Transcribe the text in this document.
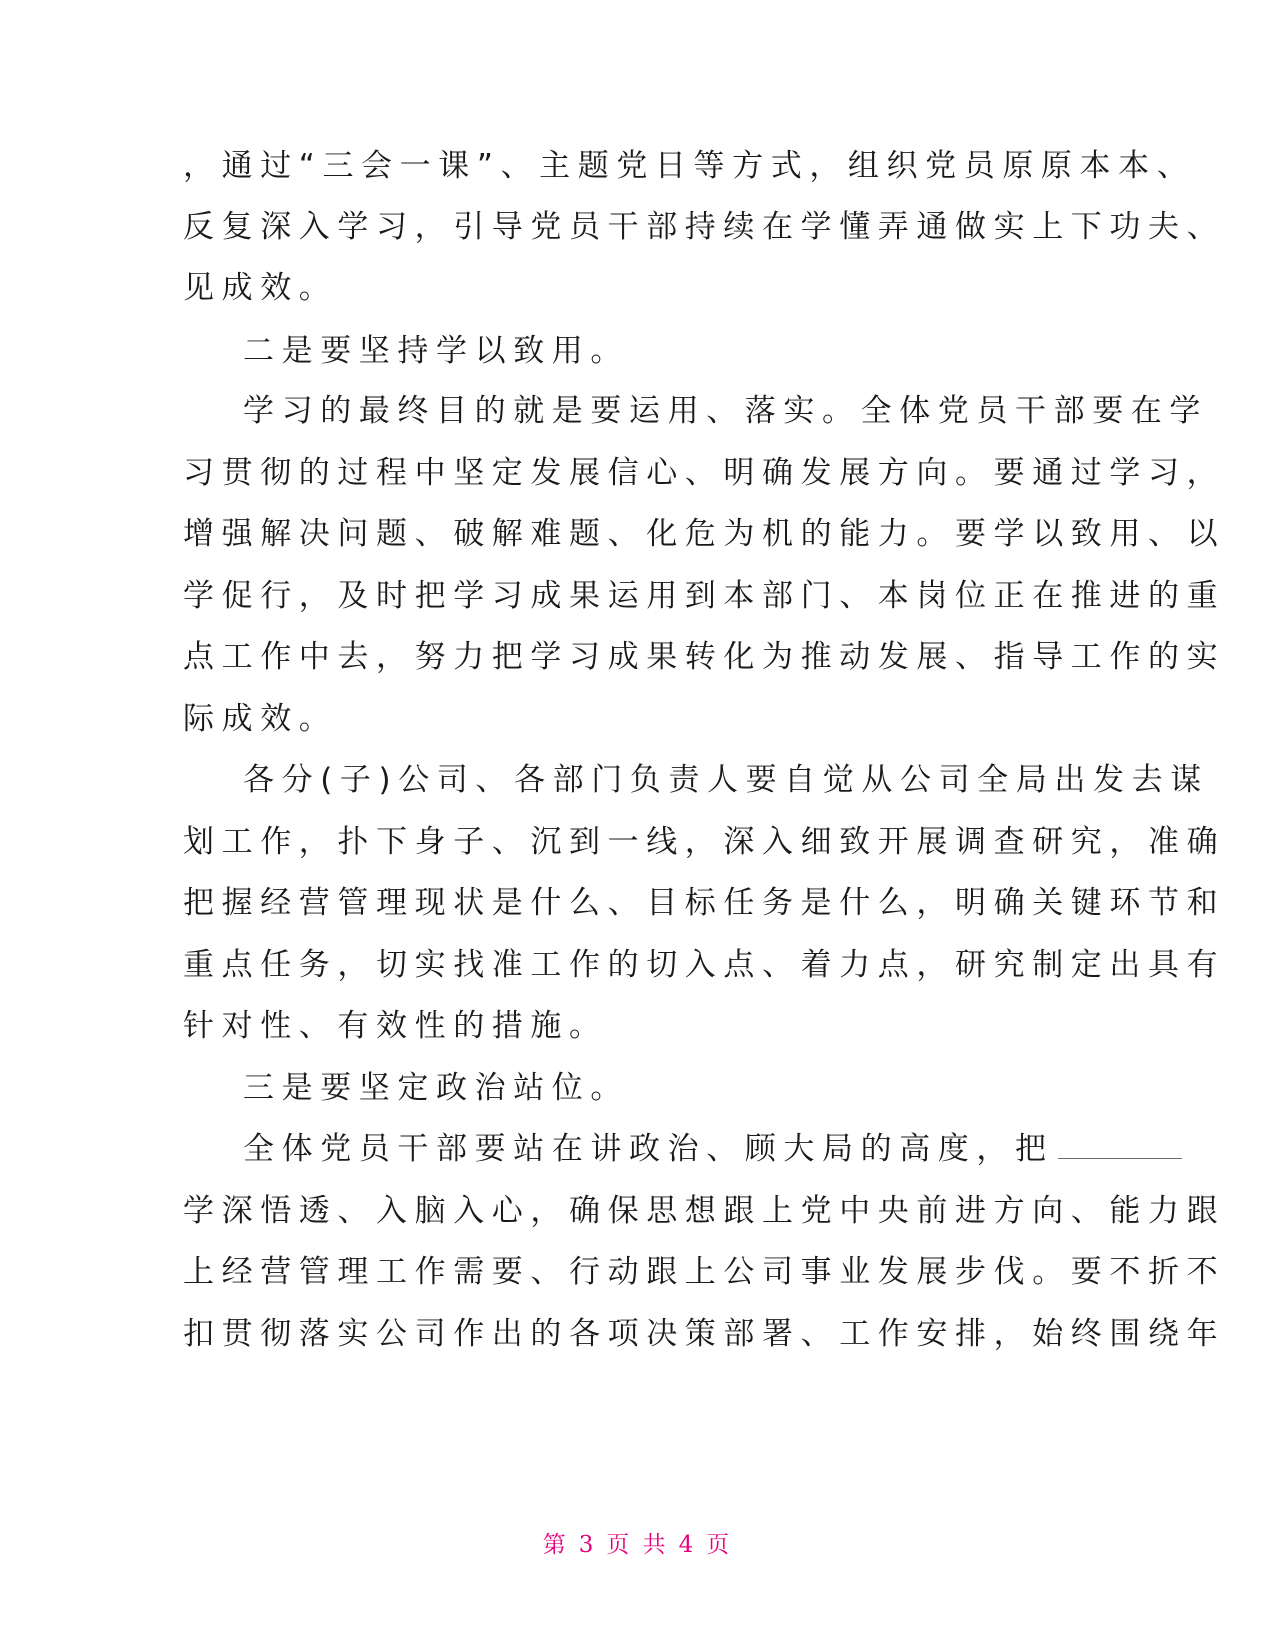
，通过“三会一课”、主题党日等方式，组织党员原原本本、
反复深入学习，引导党员干部持续在学懂弄通做实上下功夫、
见成效。
二是要坚持学以致用。
学习的最终目的就是要运用、落实。全体党员干部要在学
习贯彻的过程中坚定发展信心、明确发展方向。要通过学习，
增强解决问题、破解难题、化危为机的能力。要学以致用、以
学促行，及时把学习成果运用到本部门、本岗位正在推进的重
点工作中去，努力把学习成果转化为推动发展、指导工作的实
际成效。
各分(子)公司、各部门负责人要自觉从公司全局出发去谋
划工作，扑下身子、沉到一线，深入细致开展调查研究，准确
把握经营管理现状是什么、目标任务是什么，明确关键环节和
重点任务，切实找准工作的切入点、着力点，研究制定出具有
针对性、有效性的措施。
三是要坚定政治站位。
全体党员干部要站在讲政治、顾大局的高度，把
学深悟透、入脑入心，确保思想跟上党中央前进方向、能力跟
上经营管理工作需要、行动跟上公司事业发展步伐。要不折不
扣贯彻落实公司作出的各项决策部署、工作安排，始终围绕年
第 3 页 共 4 页
